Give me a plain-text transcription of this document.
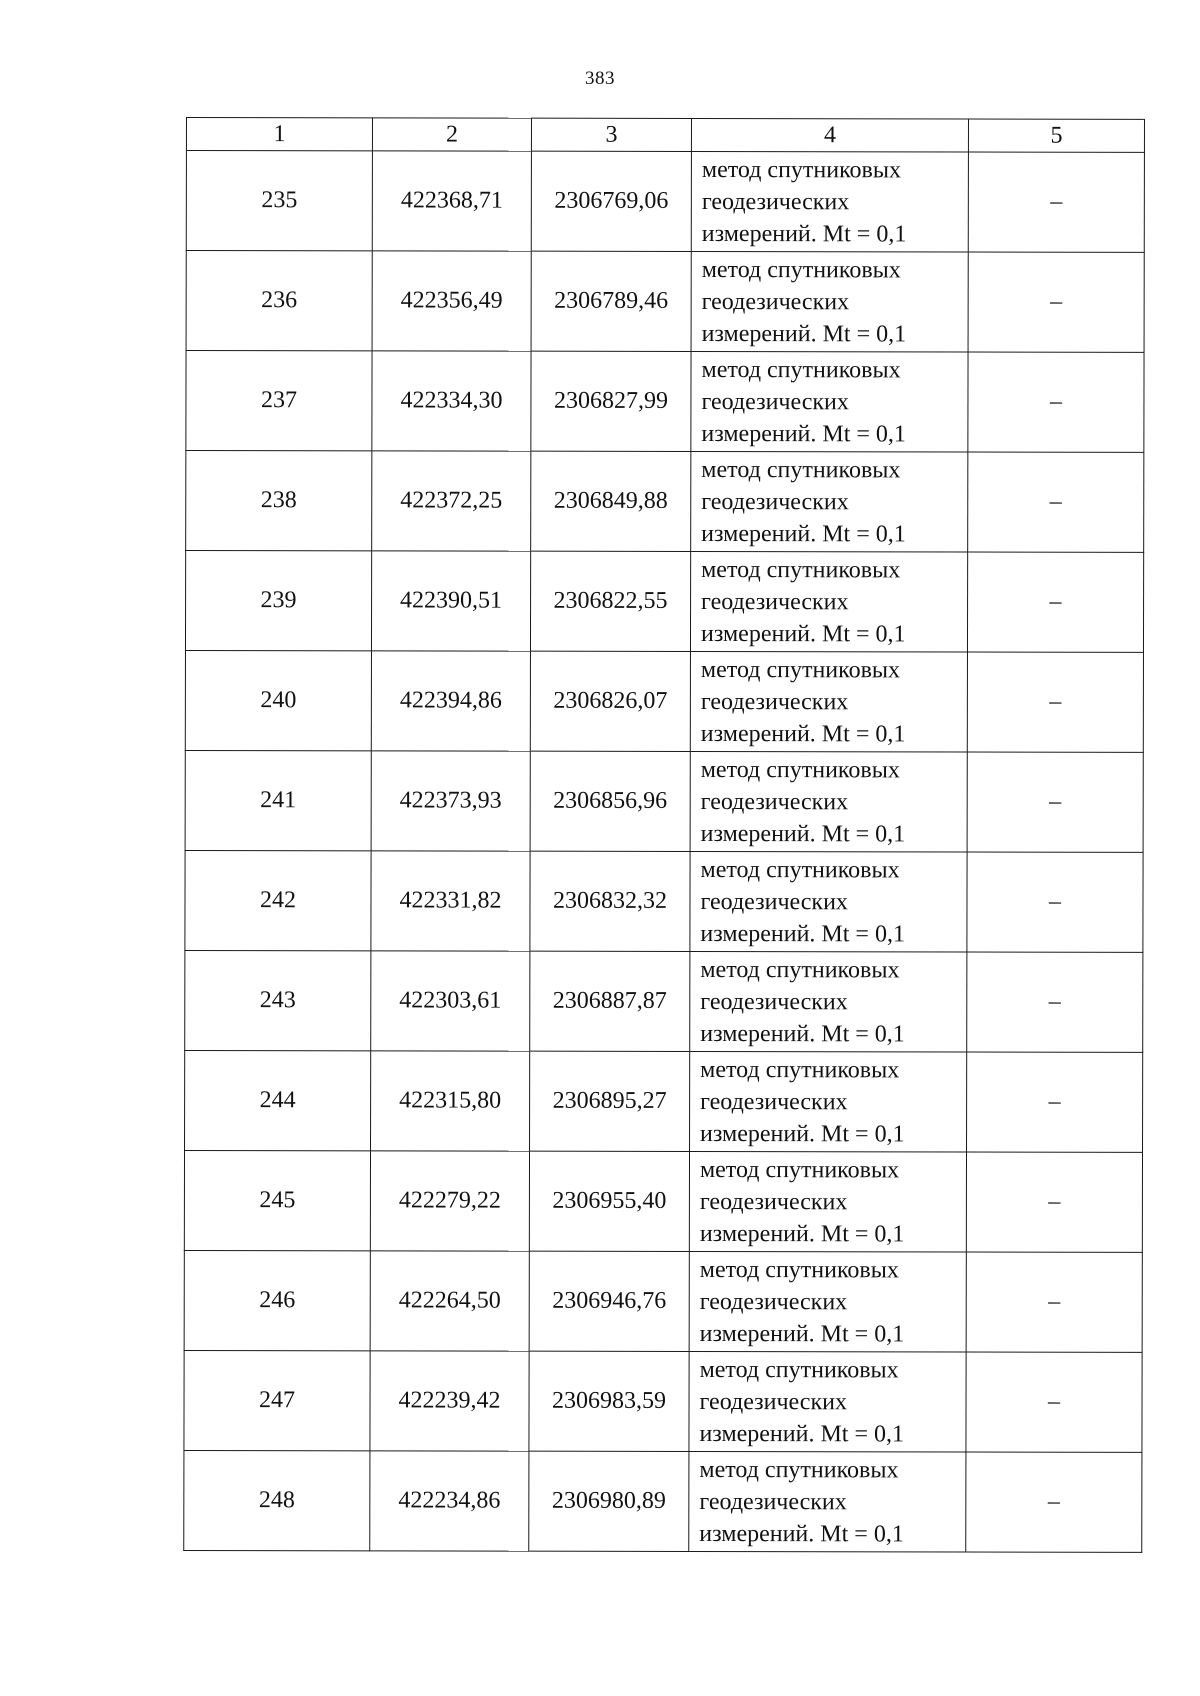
383
1	2	3	4	5
235	422368,71	2306769,06	метод спутниковых
геодезических
измерений. Mt = 0,1	–
236	422356,49	2306789,46	метод спутниковых
геодезических
измерений. Mt = 0,1	–
237	422334,30	2306827,99	метод спутниковых
геодезических
измерений. Mt = 0,1	–
238	422372,25	2306849,88	метод спутниковых
геодезических
измерений. Mt = 0,1	–
239	422390,51	2306822,55	метод спутниковых
геодезических
измерений. Mt = 0,1	–
240	422394,86	2306826,07	метод спутниковых
геодезических
измерений. Mt = 0,1	–
241	422373,93	2306856,96	метод спутниковых
геодезических
измерений. Mt = 0,1	–
242	422331,82	2306832,32	метод спутниковых
геодезических
измерений. Mt = 0,1	–
243	422303,61	2306887,87	метод спутниковых
геодезических
измерений. Mt = 0,1	–
244	422315,80	2306895,27	метод спутниковых
геодезических
измерений. Mt = 0,1	–
245	422279,22	2306955,40	метод спутниковых
геодезических
измерений. Mt = 0,1	–
246	422264,50	2306946,76	метод спутниковых
геодезических
измерений. Mt = 0,1	–
247	422239,42	2306983,59	метод спутниковых
геодезических
измерений. Mt = 0,1	–
248	422234,86	2306980,89	метод спутниковых
геодезических
измерений. Mt = 0,1	–
